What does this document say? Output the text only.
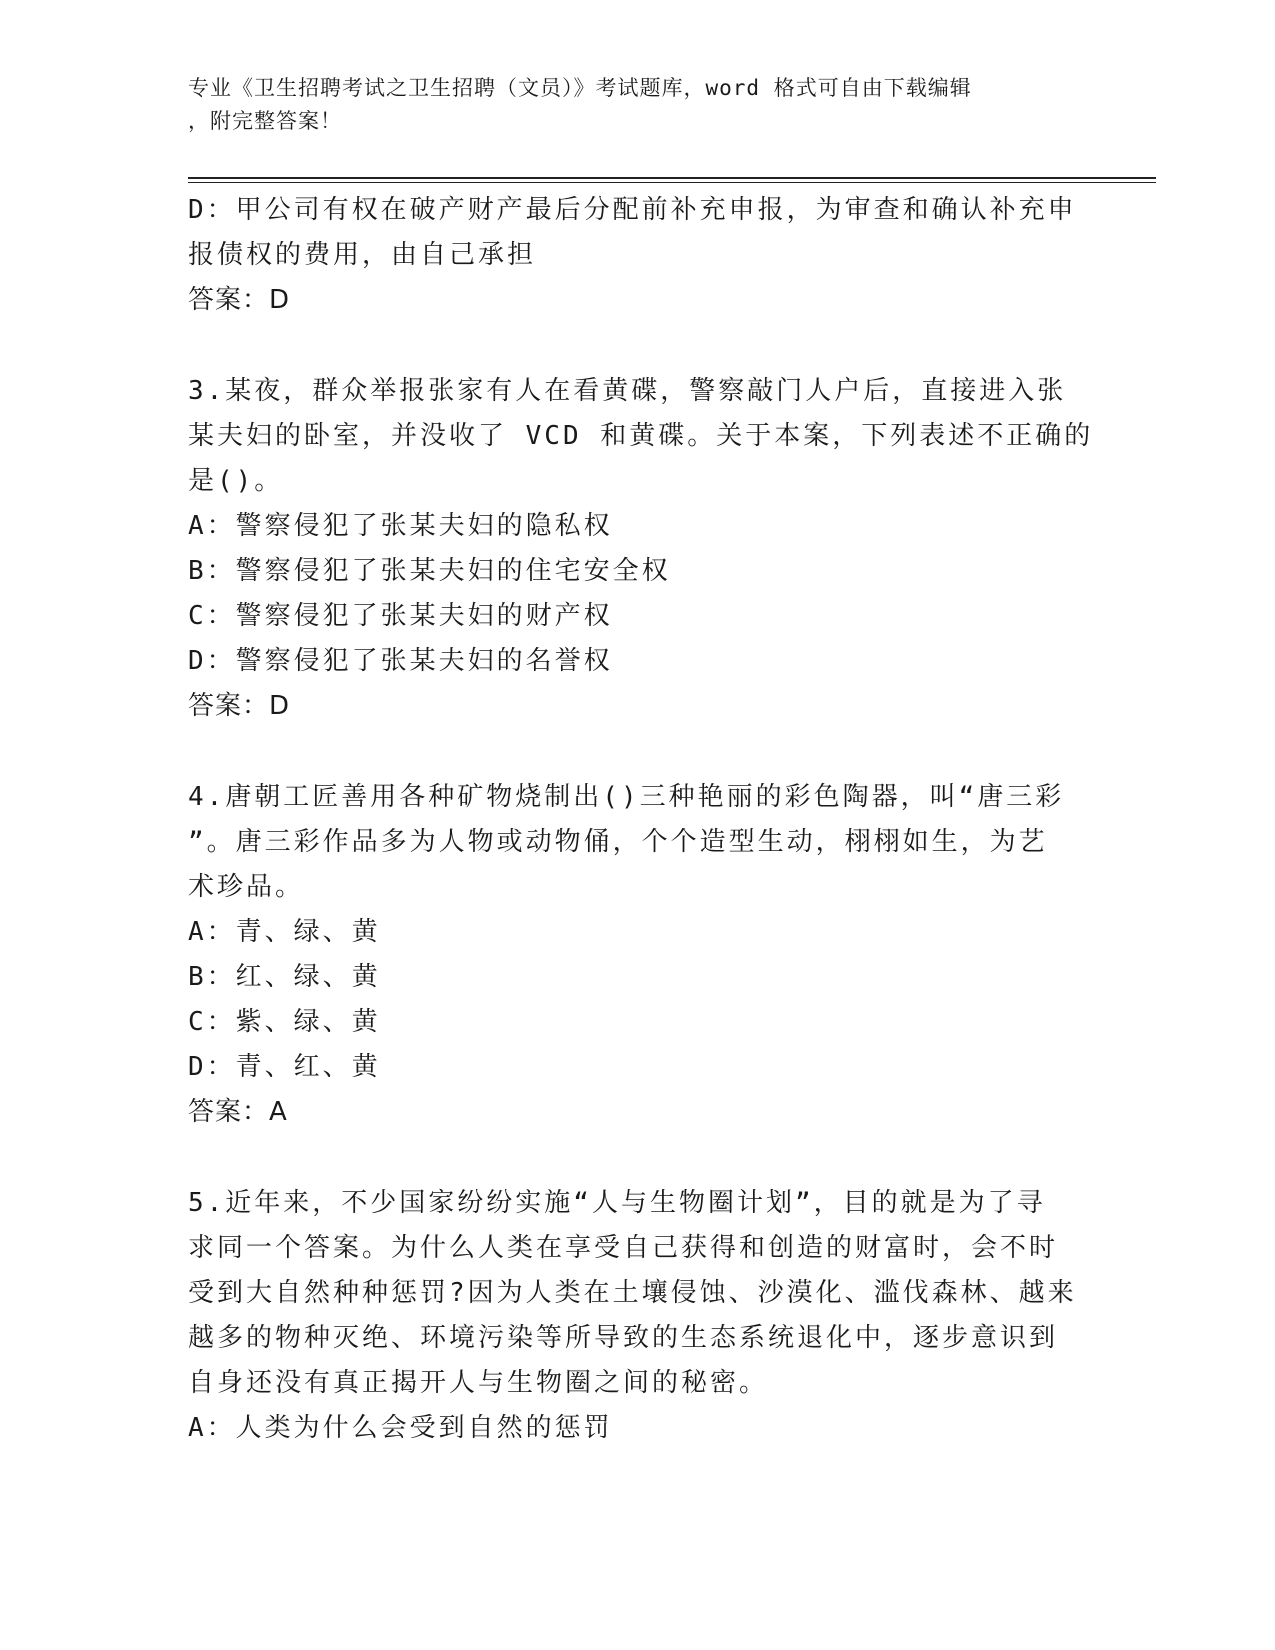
专业《卫生招聘考试之卫生招聘（文员）》考试题库，word 格式可自由下载编辑
，附完整答案！
D：甲公司有权在破产财产最后分配前补充申报，为审查和确认补充申
报债权的费用，由自己承担
答案：D
3.某夜，群众举报张家有人在看黄碟，警察敲门人户后，直接进入张
某夫妇的卧室，并没收了 VCD 和黄碟。关于本案，下列表述不正确的
是()。
A：警察侵犯了张某夫妇的隐私权
B：警察侵犯了张某夫妇的住宅安全权
C：警察侵犯了张某夫妇的财产权
D：警察侵犯了张某夫妇的名誉权
答案：D
4.唐朝工匠善用各种矿物烧制出()三种艳丽的彩色陶器，叫“唐三彩
”。唐三彩作品多为人物或动物俑，个个造型生动，栩栩如生，为艺
术珍品。
A：青、绿、黄
B：红、绿、黄
C：紫、绿、黄
D：青、红、黄
答案：A
5.近年来，不少国家纷纷实施“人与生物圈计划”，目的就是为了寻
求同一个答案。为什么人类在享受自己获得和创造的财富时，会不时
受到大自然种种惩罚?因为人类在土壤侵蚀、沙漠化、滥伐森林、越来
越多的物种灭绝、环境污染等所导致的生态系统退化中，逐步意识到
自身还没有真正揭开人与生物圈之间的秘密。
A：人类为什么会受到自然的惩罚
